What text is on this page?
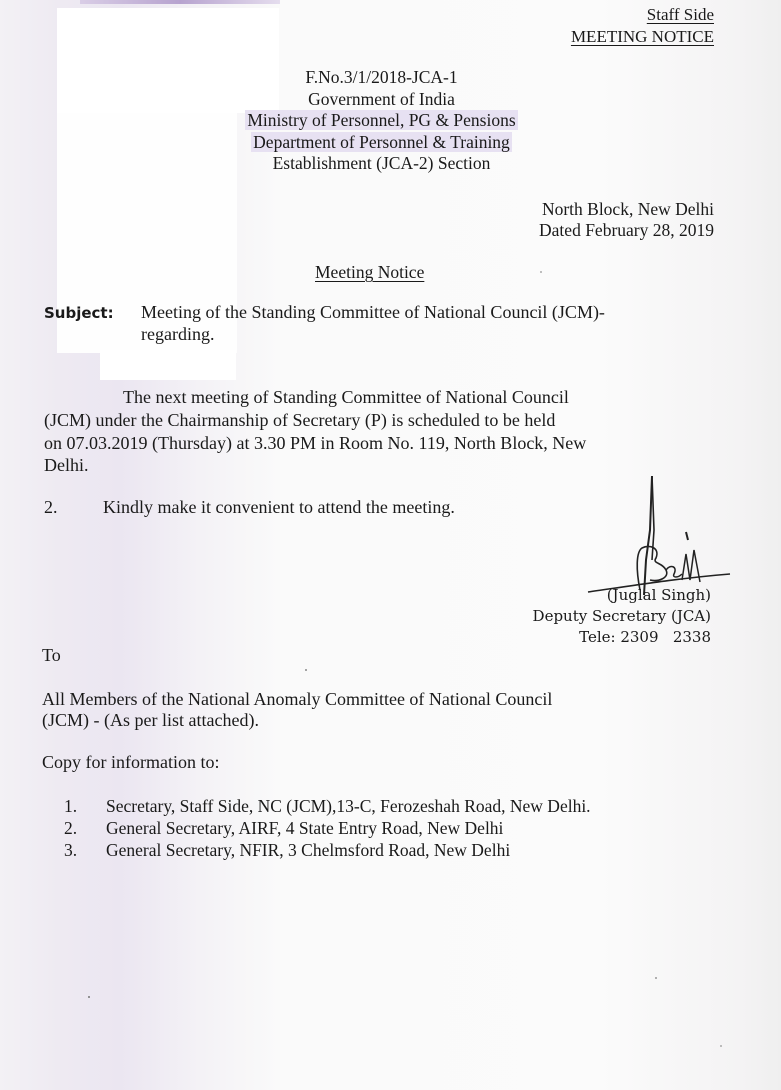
Staff Side
MEETING NOTICE
F.No.3/1/2018-JCA-1
Government of India
Ministry of Personnel, PG & Pensions
Department of Personnel & Training
Establishment (JCA-2) Section
North Block, New Delhi
Dated February 28, 2019
Meeting Notice
Subject: Meeting of the Standing Committee of National Council (JCM)-
regarding.
The next meeting of Standing Committee of National Council
(JCM) under the Chairmanship of Secretary (P) is scheduled to be held
on 07.03.2019 (Thursday) at 3.30 PM in Room No. 119, North Block, New
Delhi.
2.	Kindly make it convenient to attend the meeting.
(Juglal Singh)
Deputy Secretary (JCA)
Tele: 2309   2338
To
All Members of the National Anomaly Committee of National Council
(JCM) - (As per list attached).
Copy for information to:
1. Secretary, Staff Side, NC (JCM),13-C, Ferozeshah Road, New Delhi.
2. General Secretary, AIRF, 4 State Entry Road, New Delhi
3. General Secretary, NFIR, 3 Chelmsford Road, New Delhi
